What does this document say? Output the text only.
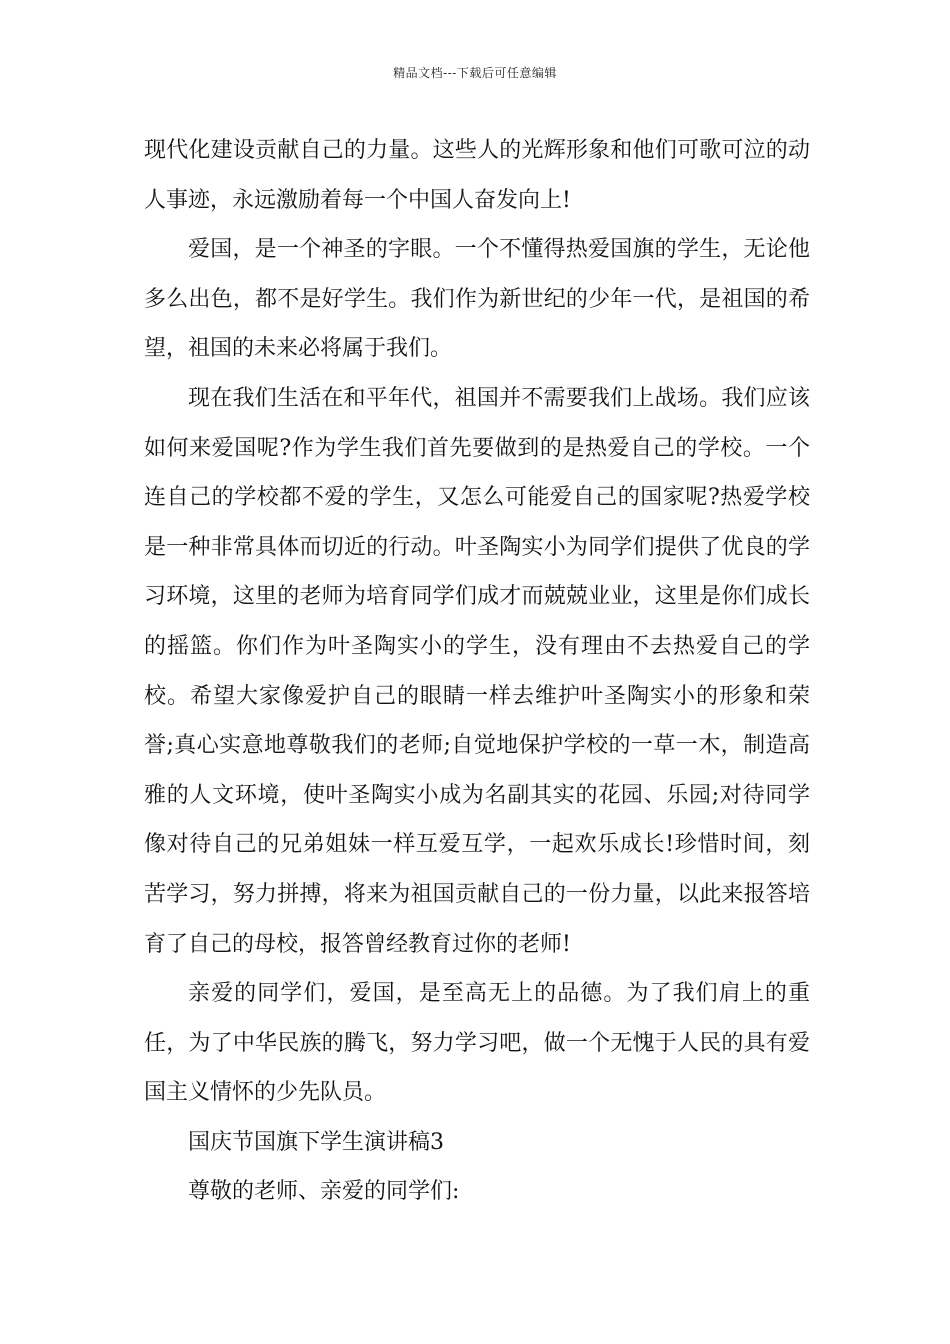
精品文档---下载后可任意编辑

现代化建设贡献自己的力量。这些人的光辉形象和他们可歌可泣的动人事迹，永远激励着每一个中国人奋发向上!

爱国，是一个神圣的字眼。一个不懂得热爱国旗的学生，无论他多么出色，都不是好学生。我们作为新世纪的少年一代，是祖国的希望，祖国的未来必将属于我们。

现在我们生活在和平年代，祖国并不需要我们上战场。我们应该如何来爱国呢?作为学生我们首先要做到的是热爱自己的学校。一个连自己的学校都不爱的学生，又怎么可能爱自己的国家呢?热爱学校是一种非常具体而切近的行动。叶圣陶实小为同学们提供了优良的学习环境，这里的老师为培育同学们成才而兢兢业业，这里是你们成长的摇篮。你们作为叶圣陶实小的学生，没有理由不去热爱自己的学校。希望大家像爱护自己的眼睛一样去维护叶圣陶实小的形象和荣誉;真心实意地尊敬我们的老师;自觉地保护学校的一草一木，制造高雅的人文环境，使叶圣陶实小成为名副其实的花园、乐园;对待同学像对待自己的兄弟姐妹一样互爱互学，一起欢乐成长!珍惜时间，刻苦学习，努力拼搏，将来为祖国贡献自己的一份力量，以此来报答培育了自己的母校，报答曾经教育过你的老师!

亲爱的同学们，爱国，是至高无上的品德。为了我们肩上的重任，为了中华民族的腾飞，努力学习吧，做一个无愧于人民的具有爱国主义情怀的少先队员。

国庆节国旗下学生演讲稿3

尊敬的老师、亲爱的同学们:
